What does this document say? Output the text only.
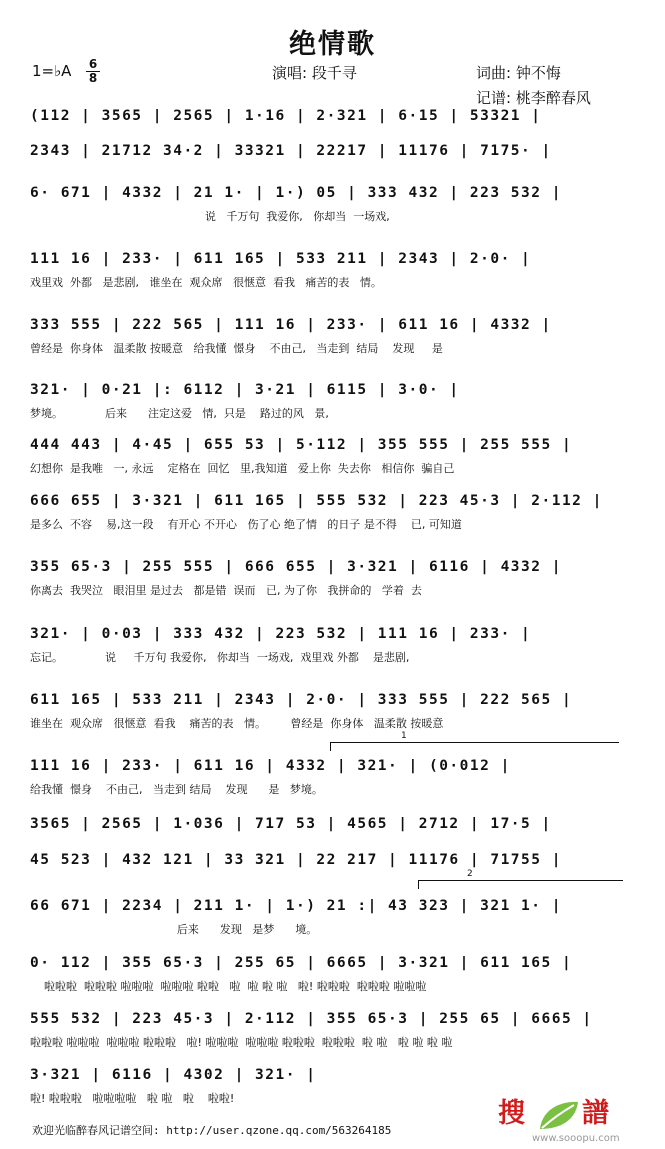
绝情歌
1=♭A 6
8	演唱: 段千寻	词曲: 钟不悔
记谱: 桃李醉春风
(112 | 3565 | 2565 | 1·16 | 2·321 | 6·15 | 53321 |
2343 | 21712 34·2 | 33321 | 22217 | 11176 | 7175· |
6· 671 | 4332 | 21 1· | 1·) 05 | 333 432 | 223 532 |
说   千万句  我爱你,   你却当  一场戏,
111 16 | 233· | 611 165 | 533 211 | 2343 | 2·0· |
戏里戏  外都   是悲剧,   谁坐在  观众席   很惬意  看我   痛苦的表   情。
333 555 | 222 565 | 111 16 | 233· | 611 16 | 4332 |
曾经是  你身体   温柔散 按暖意   给我懂  憬身    不由己,   当走到  结局    发现     是
321· | 0·21 |: 6112 | 3·21 | 6115 | 3·0· |
梦境。            后来      注定这爱   情,  只是    路过的风   景,
444 443 | 4·45 | 655 53 | 5·112 | 355 555 | 255 555 |
幻想你  是我唯   一, 永远    定格在  回忆   里,我知道   爱上你  失去你   相信你  骗自己
666 655 | 3·321 | 611 165 | 555 532 | 223 45·3 | 2·112 |
是多么  不容    易,这一段    有开心 不开心   伤了心 绝了情   的日子 是不得    已, 可知道
355 65·3 | 255 555 | 666 655 | 3·321 | 6116 | 4332 |
你离去  我哭泣   眼泪里 是过去   都是错  误而   已, 为了你   我拼命的   学着  去
321· | 0·03 | 333 432 | 223 532 | 111 16 | 233· |
忘记。            说     千万句 我爱你,   你却当  一场戏,  戏里戏 外都    是悲剧,
611 165 | 533 211 | 2343 | 2·0· | 333 555 | 222 565 |
谁坐在  观众席   很惬意  看我    痛苦的表   情。       曾经是  你身体   温柔散 按暖意
1
111 16 | 233· | 611 16 | 4332 | 321· | (0·012 |
给我懂  憬身    不由己,   当走到 结局    发现      是   梦境。
3565 | 2565 | 1·036 | 717 53 | 4565 | 2712 | 17·5 |
45 523 | 432 121 | 33 321 | 22 217 | 11176 | 71755 |
2
66 671 | 2234 | 211 1· | 1·) 21 :| 43 323 | 321 1· |
后来      发现   是梦      境。
0· 112 | 355 65·3 | 255 65 | 6665 | 3·321 | 611 165 |
啦啦啦  啦啦啦 啦啦啦  啦啦啦 啦啦   啦  啦 啦 啦   啦! 啦啦啦  啦啦啦 啦啦啦
555 532 | 223 45·3 | 2·112 | 355 65·3 | 255 65 | 6665 |
啦啦啦 啦啦啦  啦啦啦 啦啦啦   啦! 啦啦啦  啦啦啦 啦啦啦  啦啦啦  啦 啦   啦 啦 啦 啦
3·321 | 6116 | 4302 | 321· |
啦! 啦啦啦   啦啦啦啦   啦 啦   啦    啦啦!	搜 譜
www.sooopu.com
欢迎光临醉春风记谱空间: http://user.qzone.qq.com/563264185
